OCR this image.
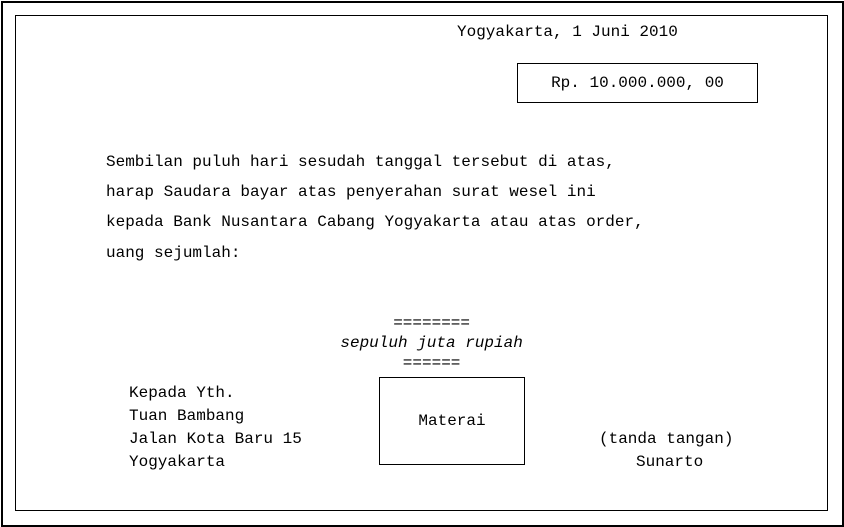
Yogyakarta, 1 Juni 2010
Rp. 10.000.000, 00
Sembilan puluh hari sesudah tanggal tersebut di atas,
harap Saudara bayar atas penyerahan surat wesel ini
kepada Bank Nusantara Cabang Yogyakarta atau atas order,
uang sejumlah:

========
sepuluh juta rupiah
======

Kepada Yth.
Tuan Bambang
Jalan Kota Baru 15
Yogyakarta
Materai
(tanda tangan)
Sunarto
